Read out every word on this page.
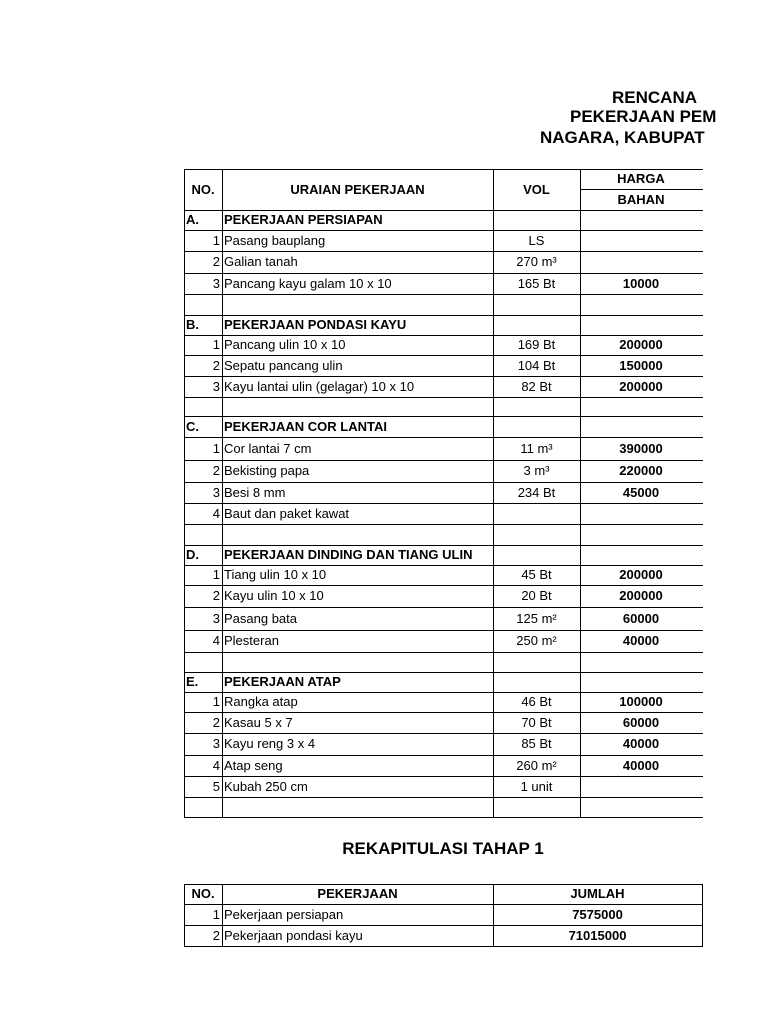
RENCANA
PEKERJAAN PEM
NAGARA, KABUPAT
NO.	URAIAN PEKERJAAN	VOL
HARGA
BAHAN
A.	PEKERJAAN PERSIAPAN
1 Pasang bauplang	LS
2 Galian tanah	270 m³
3 Pancang kayu galam 10 x 10	165 Bt	10000
B.	PEKERJAAN PONDASI KAYU
1 Pancang ulin 10 x 10	169 Bt	200000
2 Sepatu pancang ulin	104 Bt	150000
3 Kayu lantai ulin (gelagar) 10 x 10	82 Bt	200000
C.	PEKERJAAN COR LANTAI
1 Cor lantai 7 cm	11 m³	390000
2 Bekisting papa	3 m³	220000
3 Besi 8 mm	234 Bt	45000
4 Baut dan paket kawat
D.	PEKERJAAN DINDING DAN TIANG ULIN
1 Tiang ulin 10 x 10	45 Bt	200000
2 Kayu ulin 10 x 10	20 Bt	200000
3 Pasang bata	125 m²	60000
4 Plesteran	250 m²	40000
E.	PEKERJAAN ATAP
1 Rangka atap	46 Bt	100000
2 Kasau 5 x 7	70 Bt	60000
3 Kayu reng 3 x 4	85 Bt	40000
4 Atap seng	260 m²	40000
5 Kubah 250 cm	1 unit
REKAPITULASI TAHAP 1
NO.	PEKERJAAN	JUMLAH
1 Pekerjaan persiapan	7575000
2 Pekerjaan pondasi kayu	71015000
